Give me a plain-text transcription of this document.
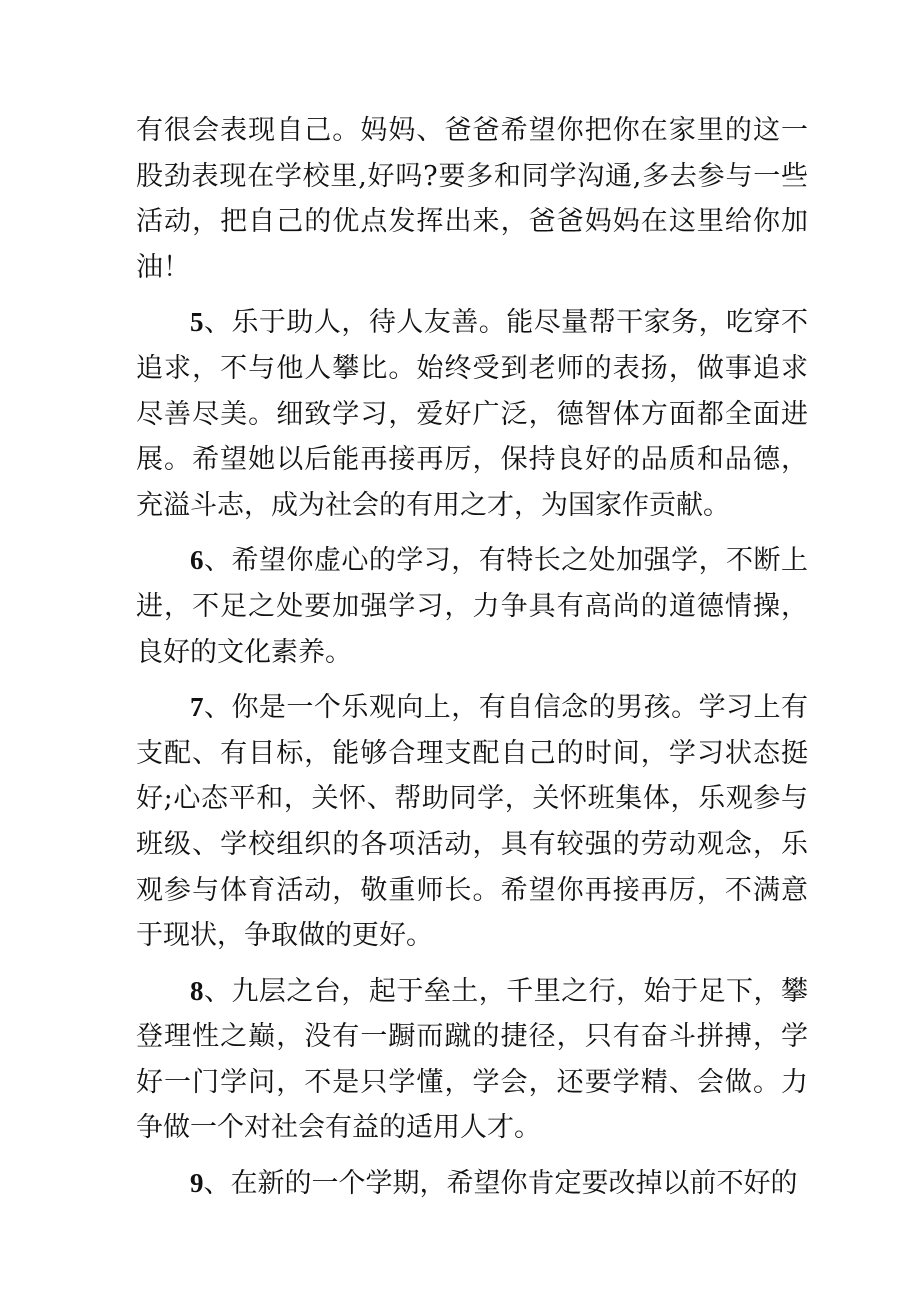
有很会表现自己。妈妈、爸爸希望你把你在家里的这一股劲表现在学校里,好吗?要多和同学沟通,多去参与一些活动，把自己的优点发挥出来，爸爸妈妈在这里给你加油！

5、乐于助人，待人友善。能尽量帮干家务，吃穿不追求，不与他人攀比。始终受到老师的表扬，做事追求尽善尽美。细致学习，爱好广泛，德智体方面都全面进展。希望她以后能再接再厉，保持良好的品质和品德，充溢斗志，成为社会的有用之才，为国家作贡献。

6、希望你虚心的学习，有特长之处加强学，不断上进，不足之处要加强学习，力争具有高尚的道德情操，良好的文化素养。

7、你是一个乐观向上，有自信念的男孩。学习上有支配、有目标，能够合理支配自己的时间，学习状态挺好;心态平和，关怀、帮助同学，关怀班集体，乐观参与班级、学校组织的各项活动，具有较强的劳动观念，乐观参与体育活动，敬重师长。希望你再接再厉，不满意于现状，争取做的更好。

8、九层之台，起于垒土，千里之行，始于足下，攀登理性之巅，没有一蹰而蹴的捷径，只有奋斗拼搏，学好一门学问，不是只学懂，学会，还要学精、会做。力争做一个对社会有益的适用人才。

9、在新的一个学期，希望你肯定要改掉以前不好的
